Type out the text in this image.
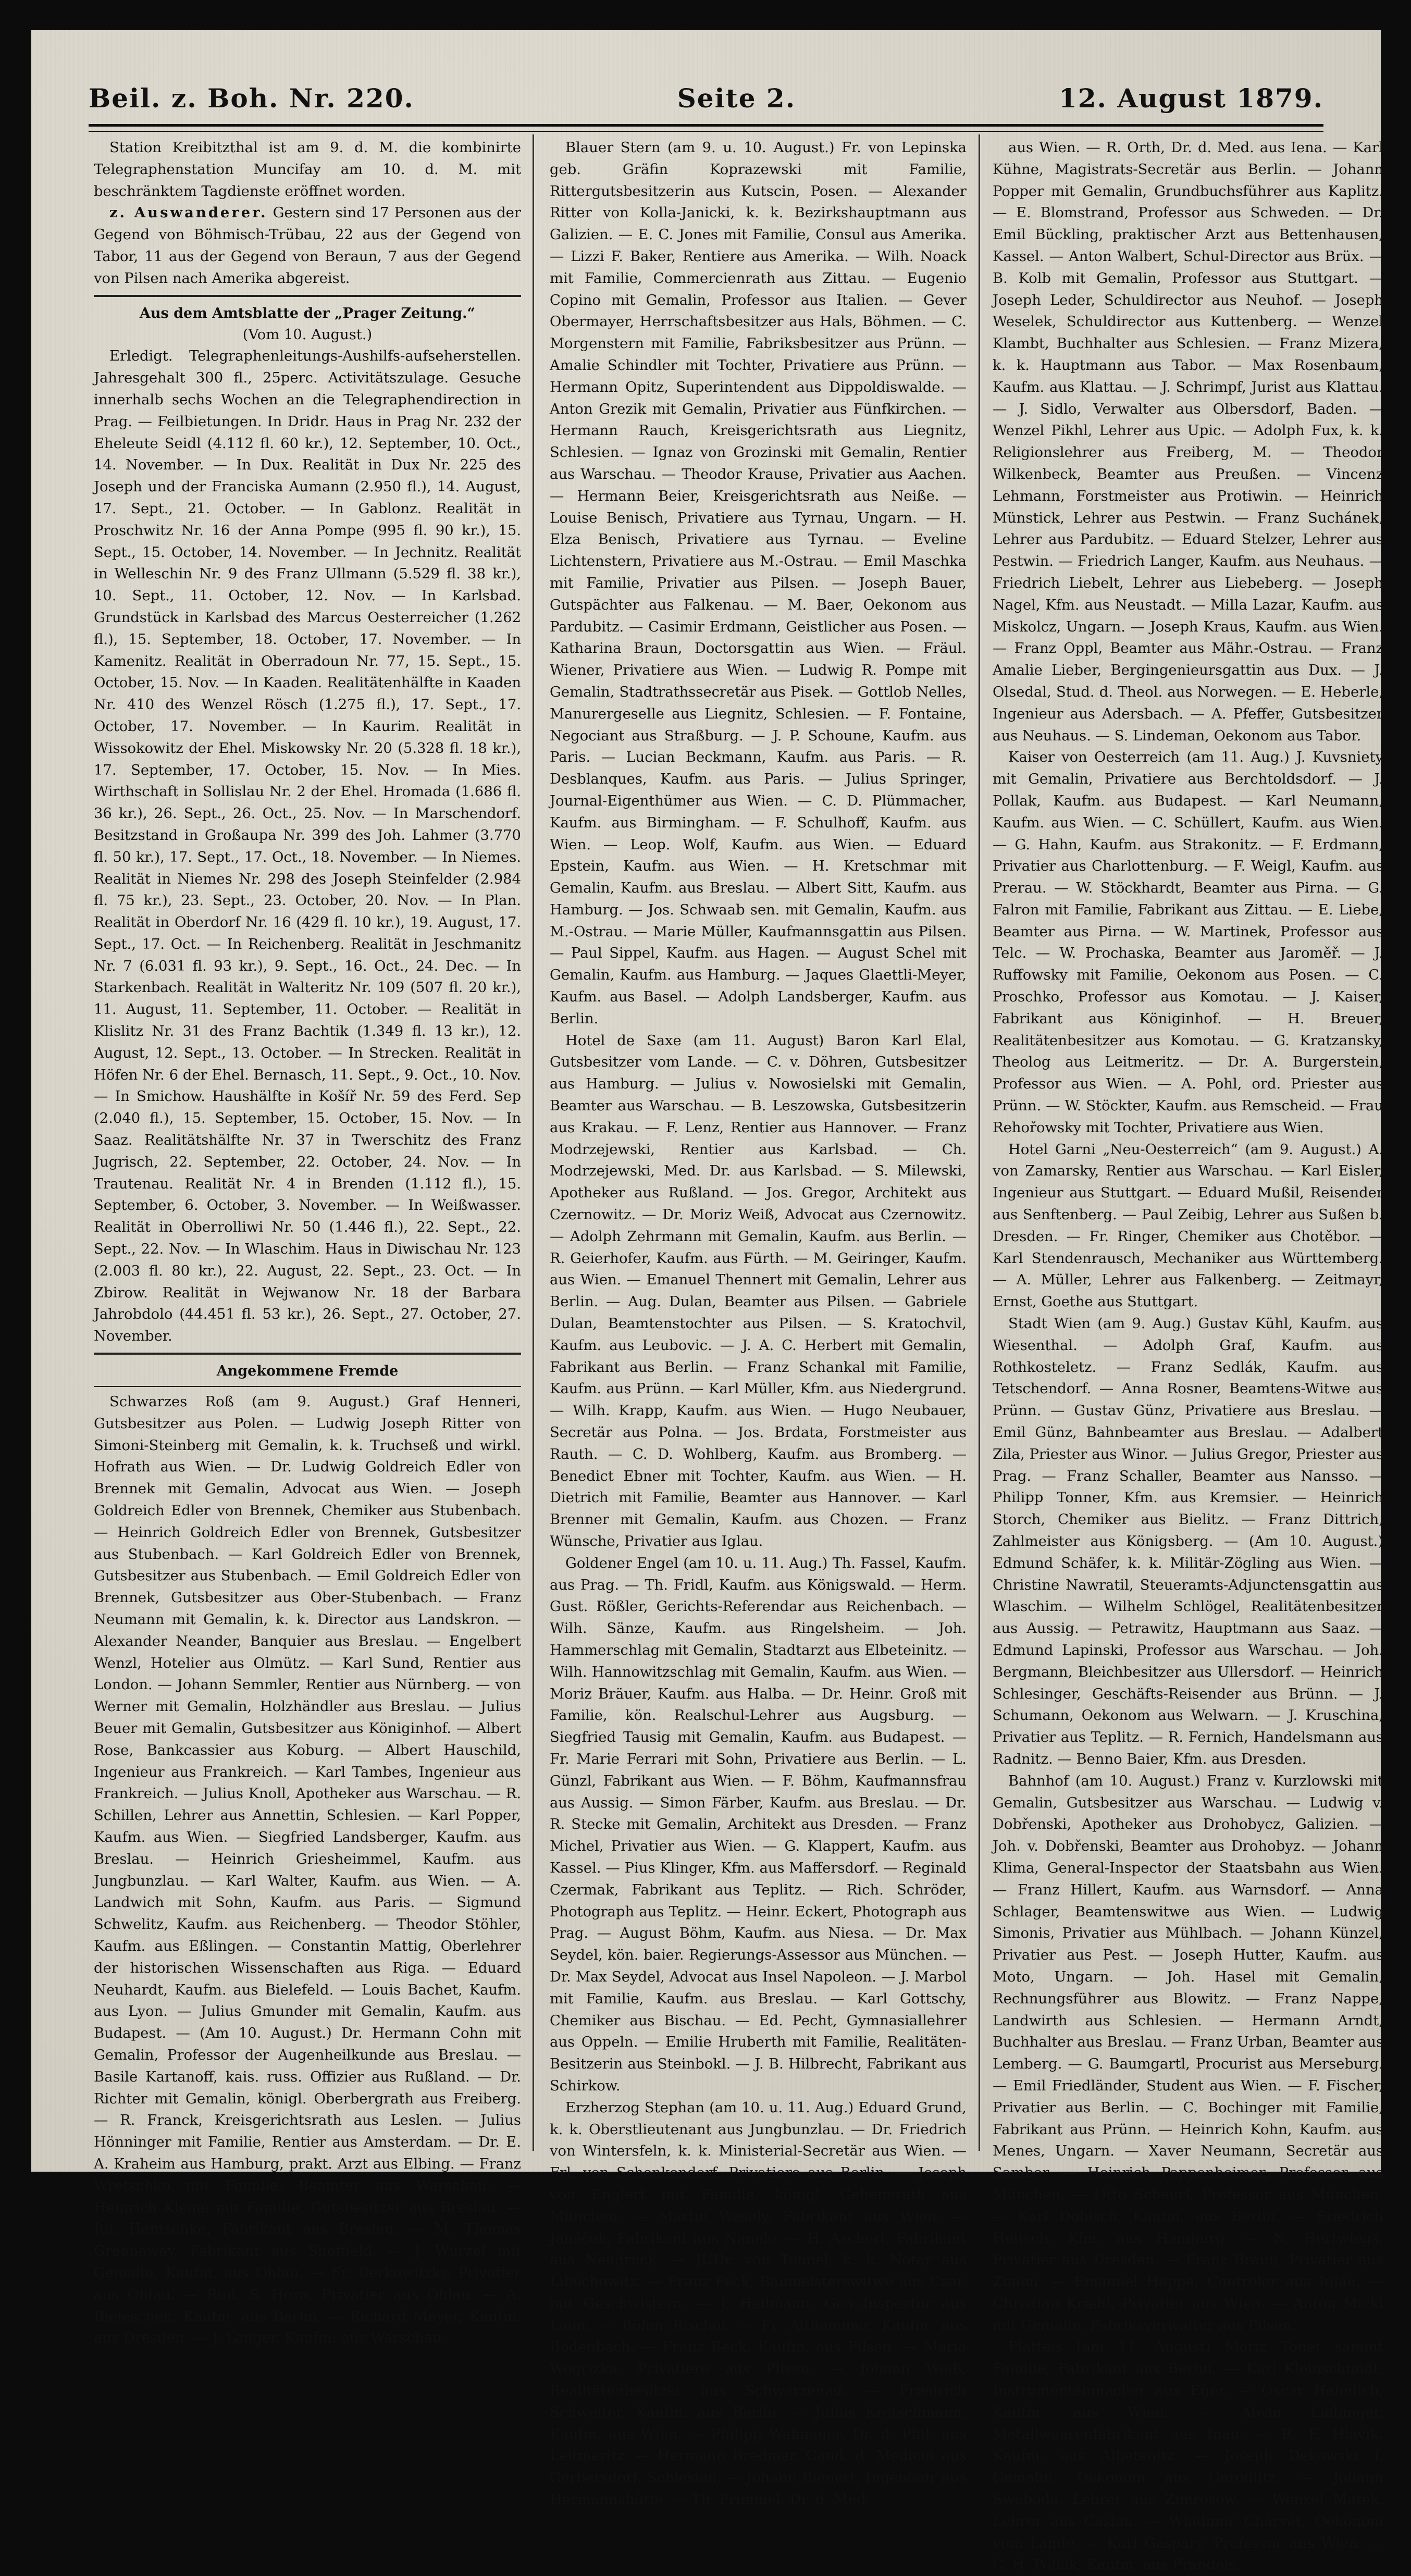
Beil. z. Boh. Nr. 220.	Seite 2.	12. August 1879.

Station Kreibitzthal ist am 9. d. M. die kombinirte Telegraphenstation Muncifay am 10. d. M. mit beschränktem Tagdienste eröffnet worden.

z. Auswanderer. Gestern sind 17 Personen aus der Gegend von Böhmisch-Trübau, 22 aus der Gegend von Tabor, 11 aus der Gegend von Beraun, 7 aus der Gegend von Pilsen nach Amerika abgereist.

Aus dem Amtsblatte der „Prager Zeitung.“

(Vom 10. August.)

Erledigt. Telegraphenleitungs-Aushilfs-aufseherstellen. Jahresgehalt 300 fl., 25perc. Activitätszulage. Gesuche innerhalb sechs Wochen an die Telegraphendirection in Prag. — Feilbietungen. In Dridr. Haus in Prag Nr. 232 der Eheleute Seidl (4.112 fl. 60 kr.), 12. September, 10. Oct., 14. November. — In Dux. Realität in Dux Nr. 225 des Joseph und der Franciska Aumann (2.950 fl.), 14. August, 17. Sept., 21. October. — In Gablonz. Realität in Proschwitz Nr. 16 der Anna Pompe (995 fl. 90 kr.), 15. Sept., 15. October, 14. November. — In Jechnitz. Realität in Welleschin Nr. 9 des Franz Ullmann (5.529 fl. 38 kr.), 10. Sept., 11. October, 12. Nov. — In Karlsbad. Grundstück in Karlsbad des Marcus Oesterreicher (1.262 fl.), 15. September, 18. October, 17. November. — In Kamenitz. Realität in Oberradoun Nr. 77, 15. Sept., 15. October, 15. Nov. — In Kaaden. Realitätenhälfte in Kaaden Nr. 410 des Wenzel Rösch (1.275 fl.), 17. Sept., 17. October, 17. November. — In Kaurim. Realität in Wissokowitz der Ehel. Miskowsky Nr. 20 (5.328 fl. 18 kr.), 17. September, 17. October, 15. Nov. — In Mies. Wirthschaft in Sollislau Nr. 2 der Ehel. Hromada (1.686 fl. 36 kr.), 26. Sept., 26. Oct., 25. Nov. — In Marschendorf. Besitzstand in Großaupa Nr. 399 des Joh. Lahmer (3.770 fl. 50 kr.), 17. Sept., 17. Oct., 18. November. — In Niemes. Realität in Niemes Nr. 298 des Joseph Steinfelder (2.984 fl. 75 kr.), 23. Sept., 23. October, 20. Nov. — In Plan. Realität in Oberdorf Nr. 16 (429 fl. 10 kr.), 19. August, 17. Sept., 17. Oct. — In Reichenberg. Realität in Jeschmanitz Nr. 7 (6.031 fl. 93 kr.), 9. Sept., 16. Oct., 24. Dec. — In Starkenbach. Realität in Walteritz Nr. 109 (507 fl. 20 kr.), 11. August, 11. September, 11. October. — Realität in Klislitz Nr. 31 des Franz Bachtik (1.349 fl. 13 kr.), 12. August, 12. Sept., 13. October. — In Strecken. Realität in Höfen Nr. 6 der Ehel. Bernasch, 11. Sept., 9. Oct., 10. Nov. — In Smichow. Haushälfte in Košíř Nr. 59 des Ferd. Sep (2.040 fl.), 15. September, 15. October, 15. Nov. — In Saaz. Realitätshälfte Nr. 37 in Twerschitz des Franz Jugrisch, 22. September, 22. October, 24. Nov. — In Trautenau. Realität Nr. 4 in Brenden (1.112 fl.), 15. September, 6. October, 3. November. — In Weißwasser. Realität in Oberrolliwi Nr. 50 (1.446 fl.), 22. Sept., 22. Sept., 22. Nov. — In Wlaschim. Haus in Diwischau Nr. 123 (2.003 fl. 80 kr.), 22. August, 22. Sept., 23. Oct. — In Zbirow. Realität in Wejwanow Nr. 18 der Barbara Jahrobdolo (44.451 fl. 53 kr.), 26. Sept., 27. October, 27. November.

Angekommene Fremde

Schwarzes Roß (am 9. August.) Graf Henneri, Gutsbesitzer aus Polen. — Ludwig Joseph Ritter von Simoni-Steinberg mit Gemalin, k. k. Truchseß und wirkl. Hofrath aus Wien. — Dr. Ludwig Goldreich Edler von Brennek mit Gemalin, Advocat aus Wien. — Joseph Goldreich Edler von Brennek, Chemiker aus Stubenbach. — Heinrich Goldreich Edler von Brennek, Gutsbesitzer aus Stubenbach. — Karl Goldreich Edler von Brennek, Gutsbesitzer aus Stubenbach. — Emil Goldreich Edler von Brennek, Gutsbesitzer aus Ober-Stubenbach. — Franz Neumann mit Gemalin, k. k. Director aus Landskron. — Alexander Neander, Banquier aus Breslau. — Engelbert Wenzl, Hotelier aus Olmütz. — Karl Sund, Rentier aus London. — Johann Semmler, Rentier aus Nürnberg. — von Werner mit Gemalin, Holzhändler aus Breslau. — Julius Beuer mit Gemalin, Gutsbesitzer aus Königinhof. — Albert Rose, Bankcassier aus Koburg. — Albert Hauschild, Ingenieur aus Frankreich. — Karl Tambes, Ingenieur aus Frankreich. — Julius Knoll, Apotheker aus Warschau. — R. Schillen, Lehrer aus Annettin, Schlesien. — Karl Popper, Kaufm. aus Wien. — Siegfried Landsberger, Kaufm. aus Breslau. — Heinrich Griesheimmel, Kaufm. aus Jungbunzlau. — Karl Walter, Kaufm. aus Wien. — A. Landwich mit Sohn, Kaufm. aus Paris. — Sigmund Schwelitz, Kaufm. aus Reichenberg. — Theodor Stöhler, Kaufm. aus Eßlingen. — Constantin Mattig, Oberlehrer der historischen Wissenschaften aus Riga. — Eduard Neuhardt, Kaufm. aus Bielefeld. — Louis Bachet, Kaufm. aus Lyon. — Julius Gmunder mit Gemalin, Kaufm. aus Budapest. — (Am 10. August.) Dr. Hermann Cohn mit Gemalin, Professor der Augenheilkunde aus Breslau. — Basile Kartanoff, kais. russ. Offizier aus Rußland. — Dr. Richter mit Gemalin, königl. Oberbergrath aus Freiberg. — R. Franck, Kreisgerichtsrath aus Leslen. — Julius Hönninger mit Familie, Rentier aus Amsterdam. — Dr. E. A. Kraheim aus Hamburg, prakt. Arzt aus Elbing. — Franz Wretschko mit Familie, Beamter aus Warschau. — Heinrich Kleme mit Familie, Gutsbesitzer aus Breslau. — Jul. Hentschke, Fabrikant aus Breslau. — M. Thomas Greenaway, Fabrikant aus Sheffield. — J. Wurzel mit Gemalin, Kaufm. aus Ohlau. — Fr. Derkowitzky, Privatier aus Ohlau. — Rud. S. Horn, Privatier aus Ohlau. — A. Bieleschek, Kaufm. aus Berlin. — Richard Meyer, Kaufm. aus Dresden. — J. Langer, Kaufm. aus Warschau.

Blauer Stern (am 9. u. 10. August.) Fr. von Lepinska geb. Gräfin Koprazewski mit Familie, Rittergutsbesitzerin aus Kutscin, Posen. — Alexander Ritter von Kolla-Janicki, k. k. Bezirkshauptmann aus Galizien. — E. C. Jones mit Familie, Consul aus Amerika. — Lizzi F. Baker, Rentiere aus Amerika. — Wilh. Noack mit Familie, Commercienrath aus Zittau. — Eugenio Copino mit Gemalin, Professor aus Italien. — Gever Obermayer, Herrschaftsbesitzer aus Hals, Böhmen. — C. Morgenstern mit Familie, Fabriksbesitzer aus Prünn. — Amalie Schindler mit Tochter, Privatiere aus Prünn. — Hermann Opitz, Superintendent aus Dippoldiswalde. — Anton Grezik mit Gemalin, Privatier aus Fünfkirchen. — Hermann Rauch, Kreisgerichtsrath aus Liegnitz, Schlesien. — Ignaz von Grozinski mit Gemalin, Rentier aus Warschau. — Theodor Krause, Privatier aus Aachen. — Hermann Beier, Kreisgerichtsrath aus Neiße. — Louise Benisch, Privatiere aus Tyrnau, Ungarn. — H. Elza Benisch, Privatiere aus Tyrnau. — Eveline Lichtenstern, Privatiere aus M.-Ostrau. — Emil Maschka mit Familie, Privatier aus Pilsen. — Joseph Bauer, Gutspächter aus Falkenau. — M. Baer, Oekonom aus Pardubitz. — Casimir Erdmann, Geistlicher aus Posen. — Katharina Braun, Doctorsgattin aus Wien. — Fräul. Wiener, Privatiere aus Wien. — Ludwig R. Pompe mit Gemalin, Stadtrathssecretär aus Pisek. — Gottlob Nelles, Manurergeselle aus Liegnitz, Schlesien. — F. Fontaine, Negociant aus Straßburg. — J. P. Schoune, Kaufm. aus Paris. — Lucian Beckmann, Kaufm. aus Paris. — R. Desblanques, Kaufm. aus Paris. — Julius Springer, Journal-Eigenthümer aus Wien. — C. D. Plümmacher, Kaufm. aus Birmingham. — F. Schulhoff, Kaufm. aus Wien. — Leop. Wolf, Kaufm. aus Wien. — Eduard Epstein, Kaufm. aus Wien. — H. Kretschmar mit Gemalin, Kaufm. aus Breslau. — Albert Sitt, Kaufm. aus Hamburg. — Jos. Schwaab sen. mit Gemalin, Kaufm. aus M.-Ostrau. — Marie Müller, Kaufmannsgattin aus Pilsen. — Paul Sippel, Kaufm. aus Hagen. — August Schel mit Gemalin, Kaufm. aus Hamburg. — Jaques Glaettli-Meyer, Kaufm. aus Basel. — Adolph Landsberger, Kaufm. aus Berlin.

Hotel de Saxe (am 11. August) Baron Karl Elal, Gutsbesitzer vom Lande. — C. v. Döhren, Gutsbesitzer aus Hamburg. — Julius v. Nowosielski mit Gemalin, Beamter aus Warschau. — B. Leszowska, Gutsbesitzerin aus Krakau. — F. Lenz, Rentier aus Hannover. — Franz Modrzejewski, Rentier aus Karlsbad. — Ch. Modrzejewski, Med. Dr. aus Karlsbad. — S. Milewski, Apotheker aus Rußland. — Jos. Gregor, Architekt aus Czernowitz. — Dr. Moriz Weiß, Advocat aus Czernowitz. — Adolph Zehrmann mit Gemalin, Kaufm. aus Berlin. — R. Geierhofer, Kaufm. aus Fürth. — M. Geiringer, Kaufm. aus Wien. — Emanuel Thennert mit Gemalin, Lehrer aus Berlin. — Aug. Dulan, Beamter aus Pilsen. — Gabriele Dulan, Beamtenstochter aus Pilsen. — S. Kratochvil, Kaufm. aus Leubovic. — J. A. C. Herbert mit Gemalin, Fabrikant aus Berlin. — Franz Schankal mit Familie, Kaufm. aus Prünn. — Karl Müller, Kfm. aus Niedergrund. — Wilh. Krapp, Kaufm. aus Wien. — Hugo Neubauer, Secretär aus Polna. — Jos. Brdata, Forstmeister aus Rauth. — C. D. Wohlberg, Kaufm. aus Bromberg. — Benedict Ebner mit Tochter, Kaufm. aus Wien. — H. Dietrich mit Familie, Beamter aus Hannover. — Karl Brenner mit Gemalin, Kaufm. aus Chozen. — Franz Wünsche, Privatier aus Iglau.

Goldener Engel (am 10. u. 11. Aug.) Th. Fassel, Kaufm. aus Prag. — Th. Fridl, Kaufm. aus Königswald. — Herm. Gust. Rößler, Gerichts-Referendar aus Reichenbach. — Wilh. Sänze, Kaufm. aus Ringelsheim. — Joh. Hammerschlag mit Gemalin, Stadtarzt aus Elbeteinitz. — Wilh. Hannowitzschlag mit Gemalin, Kaufm. aus Wien. — Moriz Bräuer, Kaufm. aus Halba. — Dr. Heinr. Groß mit Familie, kön. Realschul-Lehrer aus Augsburg. — Siegfried Tausig mit Gemalin, Kaufm. aus Budapest. — Fr. Marie Ferrari mit Sohn, Privatiere aus Berlin. — L. Günzl, Fabrikant aus Wien. — F. Böhm, Kaufmannsfrau aus Aussig. — Simon Färber, Kaufm. aus Breslau. — Dr. R. Stecke mit Gemalin, Architekt aus Dresden. — Franz Michel, Privatier aus Wien. — G. Klappert, Kaufm. aus Kassel. — Pius Klinger, Kfm. aus Maffersdorf. — Reginald Czermak, Fabrikant aus Teplitz. — Rich. Schröder, Photograph aus Teplitz. — Heinr. Eckert, Photograph aus Prag. — August Böhm, Kaufm. aus Niesa. — Dr. Max Seydel, kön. baier. Regierungs-Assessor aus München. — Dr. Max Seydel, Advocat aus Insel Napoleon. — J. Marbol mit Familie, Kaufm. aus Breslau. — Karl Gottschy, Chemiker aus Bischau. — Ed. Pecht, Gymnasiallehrer aus Oppeln. — Emilie Hruberth mit Familie, Realitäten-Besitzerin aus Steinbokl. — J. B. Hilbrecht, Fabrikant aus Schirkow.

Erzherzog Stephan (am 10. u. 11. Aug.) Eduard Grund, k. k. Oberstlieutenant aus Jungbunzlau. — Dr. Friedrich von Wintersfeln, k. k. Ministerial-Secretär aus Wien. — Frl. von Schenkendorf, Privatiere aus Berlin. — Joseph von Englert mit Familie, königl. Geheimrath aus München. — Martin Wesely, Fabrikant aus Wien. — Janáček, Fabrikant aus Nanelo. — H. Aschert, Fabrikant aus Neudruck. — JUDr. von Tonnel, k. k. Notar aus Libochowitz. — Franz Peck, Baumeisterswitwe aus Czar. mit Geschwistern. — J. Hellmann, Gen.-Inspector aus Laun. — Böhm.-Bischof. — Fr. Althammer, Kaufm. aus Bodenbach. — Franz Beck, Kaufm. aus Pilsen. — Maria Wogrizka, Privatiere aus Pilsen. — Johann Weiß, Realitätenbesitzer aus Schwarzenau. — Friedrich Schweiter, Kaufm. aus Berlin. — Julius Kretschmann, Kaufm. aus Wien. — Philipp Wahnauer, Dr. d. Phil. aus Leitmeritz. — Hermann Bredmer, Cand. d. Medicin aus Gerbersdorf, Schlesien. — Johann Bienert, Ingenieur aus Hermannshütte. — Th. Frimmel, Dr. d. Med.

aus Wien. — R. Orth, Dr. d. Med. aus Iena. — Karl Kühne, Magistrats-Secretär aus Berlin. — Johann Popper mit Gemalin, Grundbuchsführer aus Kaplitz. — E. Blomstrand, Professor aus Schweden. — Dr. Emil Bückling, praktischer Arzt aus Bettenhausen, Kassel. — Anton Walbert, Schul-Director aus Brüx. — B. Kolb mit Gemalin, Professor aus Stuttgart. — Joseph Leder, Schuldirector aus Neuhof. — Joseph Weselek, Schuldirector aus Kuttenberg. — Wenzel Klambt, Buchhalter aus Schlesien. — Franz Mizera, k. k. Hauptmann aus Tabor. — Max Rosenbaum, Kaufm. aus Klattau. — J. Schrimpf, Jurist aus Klattau. — J. Sidlo, Verwalter aus Olbersdorf, Baden. — Wenzel Pikhl, Lehrer aus Upic. — Adolph Fux, k. k. Religionslehrer aus Freiberg, M. — Theodor Wilkenbeck, Beamter aus Preußen. — Vincenz Lehmann, Forstmeister aus Protiwin. — Heinrich Münstick, Lehrer aus Pestwin. — Franz Suchánek, Lehrer aus Pardubitz. — Eduard Stelzer, Lehrer aus Pestwin. — Friedrich Langer, Kaufm. aus Neuhaus. — Friedrich Liebelt, Lehrer aus Liebeberg. — Joseph Nagel, Kfm. aus Neustadt. — Milla Lazar, Kaufm. aus Miskolcz, Ungarn. — Joseph Kraus, Kaufm. aus Wien. — Franz Oppl, Beamter aus Mähr.-Ostrau. — Franz Amalie Lieber, Bergingenieursgattin aus Dux. — J. Olsedal, Stud. d. Theol. aus Norwegen. — E. Heberle, Ingenieur aus Adersbach. — A. Pfeffer, Gutsbesitzer aus Neuhaus. — S. Lindeman, Oekonom aus Tabor.

Kaiser von Oesterreich (am 11. Aug.) J. Kuvsniety mit Gemalin, Privatiere aus Berchtoldsdorf. — J. Pollak, Kaufm. aus Budapest. — Karl Neumann, Kaufm. aus Wien. — C. Schüllert, Kaufm. aus Wien. — G. Hahn, Kaufm. aus Strakonitz. — F. Erdmann, Privatier aus Charlottenburg. — F. Weigl, Kaufm. aus Prerau. — W. Stöckhardt, Beamter aus Pirna. — G. Falron mit Familie, Fabrikant aus Zittau. — E. Liebe, Beamter aus Pirna. — W. Martinek, Professor aus Telc. — W. Prochaska, Beamter aus Jaroměř. — J. Ruffowsky mit Familie, Oekonom aus Posen. — C. Proschko, Professor aus Komotau. — J. Kaiser, Fabrikant aus Königinhof. — H. Breuer, Realitätenbesitzer aus Komotau. — G. Kratzansky, Theolog aus Leitmeritz. — Dr. A. Burgerstein, Professor aus Wien. — A. Pohl, ord. Priester aus Prünn. — W. Stöckter, Kaufm. aus Remscheid. — Frau Rehořowsky mit Tochter, Privatiere aus Wien.

Hotel Garni „Neu-Oesterreich“ (am 9. August.) A. von Zamarsky, Rentier aus Warschau. — Karl Eisler, Ingenieur aus Stuttgart. — Eduard Mußil, Reisender aus Senftenberg. — Paul Zeibig, Lehrer aus Sußen b. Dresden. — Fr. Ringer, Chemiker aus Chotěbor. — Karl Stendenrausch, Mechaniker aus Württemberg. — A. Müller, Lehrer aus Falkenberg. — Zeitmayr, Ernst, Goethe aus Stuttgart.

Stadt Wien (am 9. Aug.) Gustav Kühl, Kaufm. aus Wiesenthal. — Adolph Graf, Kaufm. aus Rothkosteletz. — Franz Sedlák, Kaufm. aus Tetschendorf. — Anna Rosner, Beamtens-Witwe aus Prünn. — Gustav Günz, Privatiere aus Breslau. — Emil Günz, Bahnbeamter aus Breslau. — Adalbert Zila, Priester aus Winor. — Julius Gregor, Priester aus Prag. — Franz Schaller, Beamter aus Nansso. — Philipp Tonner, Kfm. aus Kremsier. — Heinrich Storch, Chemiker aus Bielitz. — Franz Dittrich, Zahlmeister aus Königsberg. — (Am 10. August.) Edmund Schäfer, k. k. Militär-Zögling aus Wien. — Christine Nawratil, Steueramts-Adjunctensgattin aus Wlaschim. — Wilhelm Schlögel, Realitätenbesitzer aus Aussig. — Petrawitz, Hauptmann aus Saaz. — Edmund Lapinski, Professor aus Warschau. — Joh. Bergmann, Bleichbesitzer aus Ullersdorf. — Heinrich Schlesinger, Geschäfts-Reisender aus Brünn. — J. Schumann, Oekonom aus Welwarn. — J. Kruschina, Privatier aus Teplitz. — R. Fernich, Handelsmann aus Radnitz. — Benno Baier, Kfm. aus Dresden.

Bahnhof (am 10. August.) Franz v. Kurzlowski mit Gemalin, Gutsbesitzer aus Warschau. — Ludwig v. Dobřenski, Apotheker aus Drohobycz, Galizien. — Joh. v. Dobřenski, Beamter aus Drohobyz. — Johann Klima, General-Inspector der Staatsbahn aus Wien. — Franz Hillert, Kaufm. aus Warnsdorf. — Anna Schlager, Beamtenswitwe aus Wien. — Ludwig Simonis, Privatier aus Mühlbach. — Johann Künzel, Privatier aus Pest. — Joseph Hutter, Kaufm. aus Moto, Ungarn. — Joh. Hasel mit Gemalin, Rechnungsführer aus Blowitz. — Franz Nappe, Landwirth aus Schlesien. — Hermann Arndt, Buchhalter aus Breslau. — Franz Urban, Beamter aus Lemberg. — G. Baumgartl, Procurist aus Merseburg. — Emil Friedländer, Student aus Wien. — F. Fischer, Privatier aus Berlin. — C. Bochinger mit Familie, Fabrikant aus Prünn. — Heinrich Kohn, Kaufm. aus Menes, Ungarn. — Xaver Neumann, Secretär aus Sambor. — Heinrich Pappenheimer, Professor aus München. — Otto Scheurl, Professor aus München. — Karl Dobisch, Kaufm. aus Berlin. — Friedrich Heitsch, Kfm. aus Hamburg. — N. Hertwiegs, Privatier aus Dresden. — Franz Braun, Privatier aus Znaim. — Emanuel Happe, Controlor aus Iglau. — Christian Kriehl, Privatier aus Wien. — Anton Mickl mit Gemalin, Fabriksverwalter aus Pilsen.

Platteis (am 11. August) Moriz Tonet sammt Familie, Fabrikant aus Berlin. — Karl Kleinschmidt, Instrumentenmacher aus Eger. — Oscar Helmlich, Kaufm. aus Wien. — Alwin Liebinger, Metallwaarenfabrikant aus Inau. — R. F. Hlavik, Kaufm. aus Albetenitz. — Joseph Dekowski f. Gemalin, Oekonom aus Gerodlitz. — Johann Swoboda, Lehrer aus Zimrosow. — Wenzel Matek, Lehrer aus Caslau. — Wladimir Chárvát, Oekonom vom Lande. — Karl Gaspary, Professor aus Wien. — C. H. Pollak, Kaufm. aus Prandeis.
